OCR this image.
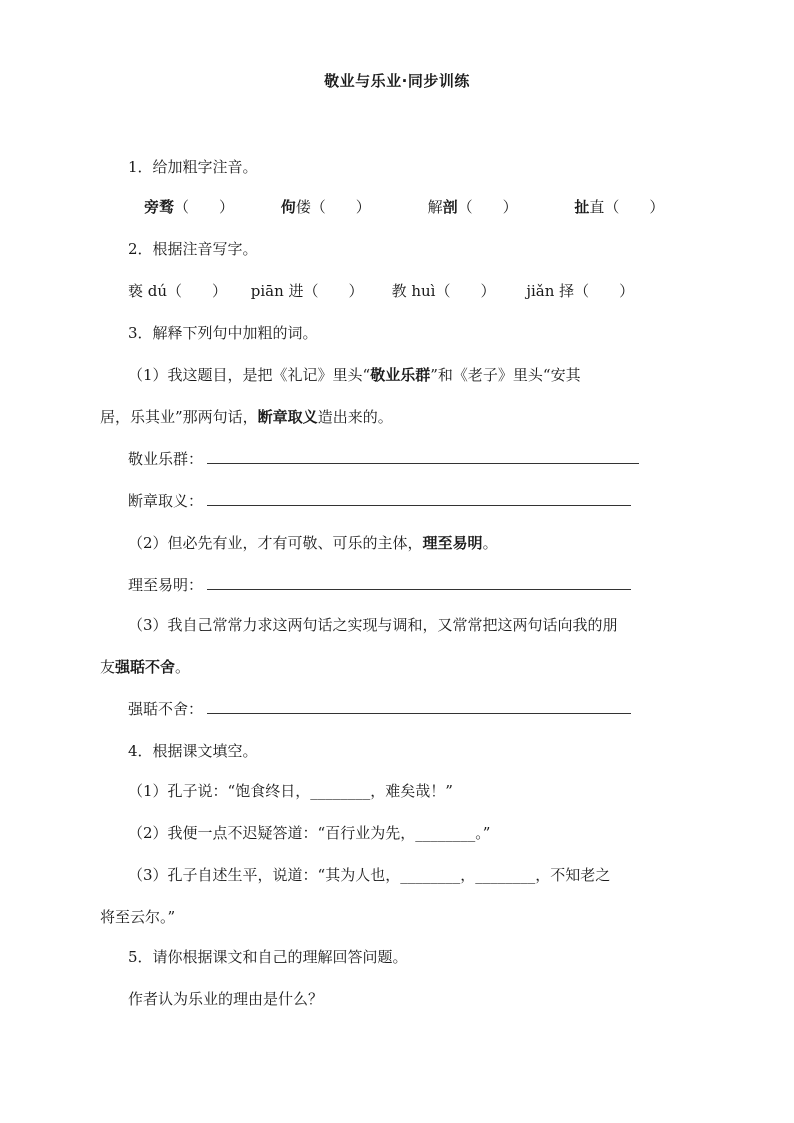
敬业与乐业·同步训练
1．给加粗字注音。
旁骛（　　）	佝偻（　　）	解剖（　　）	扯直（　　）
2．根据注音写字。
亵 dú（　　） piān 进（　　） 教 huì（　　） jiǎn 择（　　）
3．解释下列句中加粗的词。
（1）我这题目，是把《礼记》里头“敬业乐群”和《老子》里头“安其
居，乐其业”那两句话，断章取义造出来的。
敬业乐群：
断章取义：
（2）但必先有业，才有可敬、可乐的主体，理至易明。
理至易明：
（3）我自己常常力求这两句话之实现与调和，又常常把这两句话向我的朋
友强聒不舍。
强聒不舍：
4．根据课文填空。
（1）孔子说：“饱食终日，________，难矣哉！”
（2）我便一点不迟疑答道：“百行业为先，________。”
（3）孔子自述生平，说道：“其为人也，________，________，不知老之
将至云尔。”
5．请你根据课文和自己的理解回答问题。
作者认为乐业的理由是什么？
